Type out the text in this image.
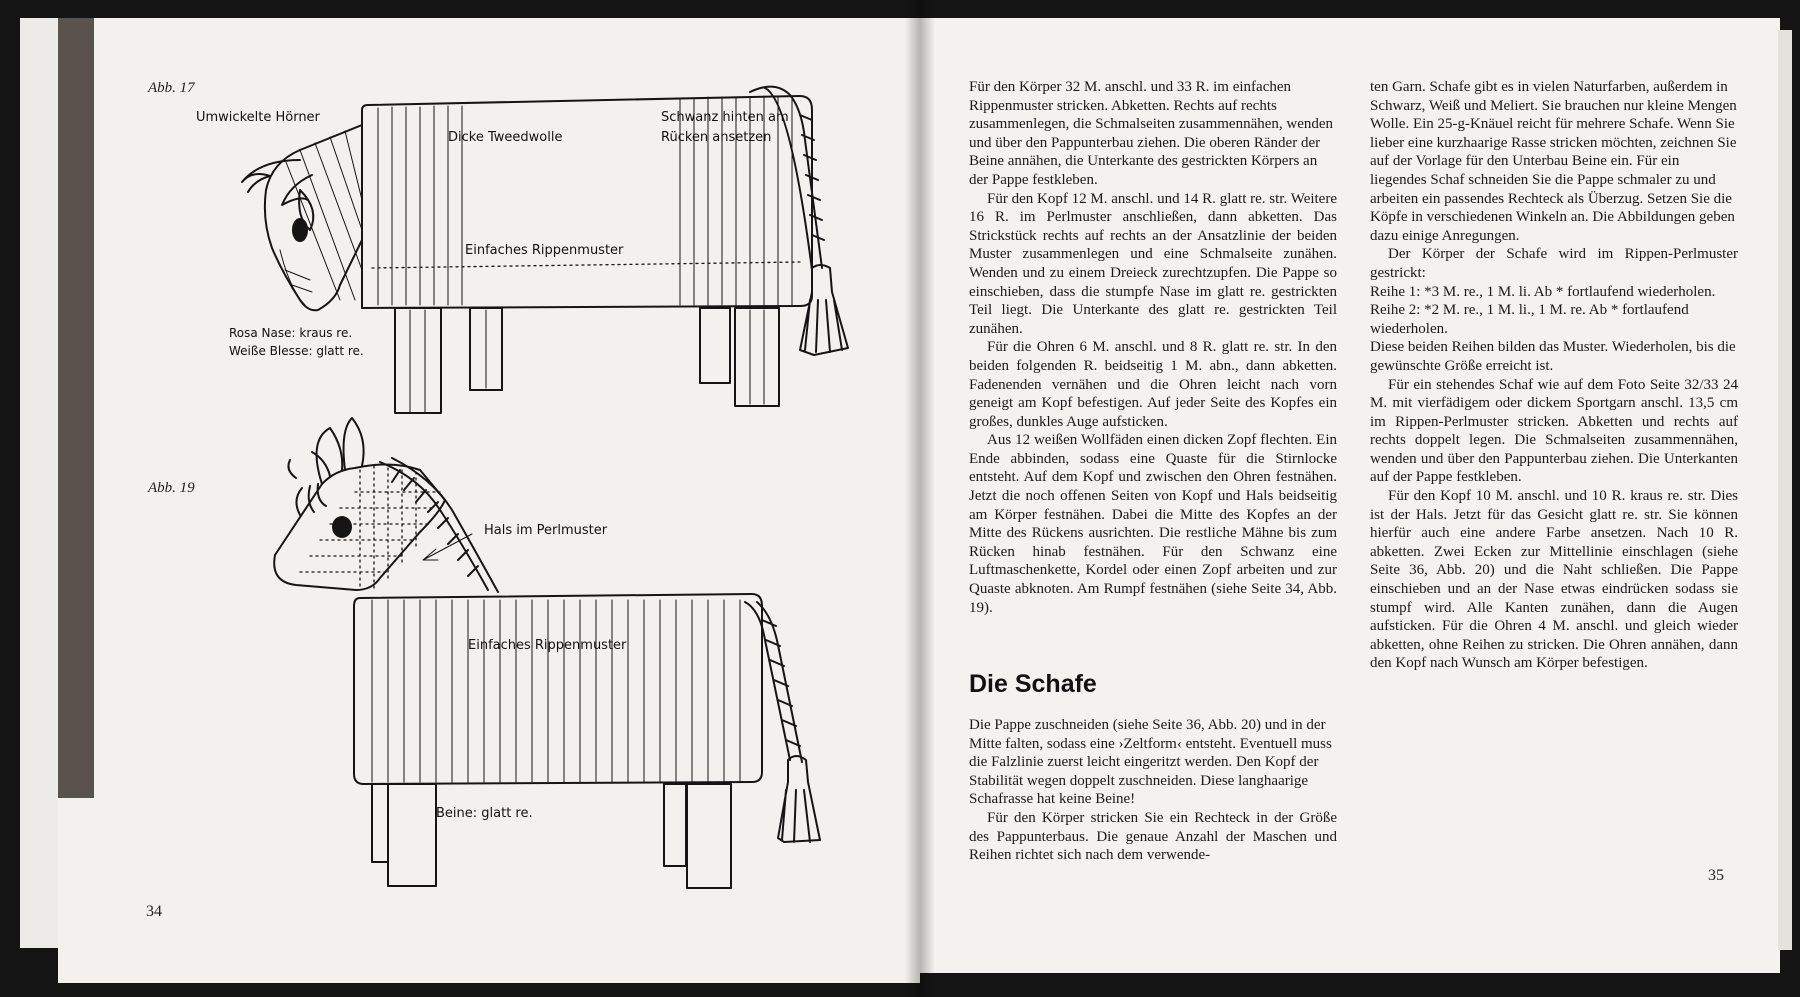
Abb. 17
Umwickelte Hörner
Dicke Tweedwolle
Schwanz hinten am
Rücken ansetzen
Einfaches Rippenmuster
Rosa Nase: kraus re.
Weiße Blesse: glatt re.
Abb. 19
Hals im Perlmuster
Einfaches Rippenmuster
Beine: glatt re.
34

Für den Körper 32 M. anschl. und 33 R. im einfachen Rippenmuster stricken. Abketten. Rechts auf rechts zusammenlegen, die Schmalseiten zusammennähen, wenden und über den Pappunterbau ziehen. Die oberen Ränder der Beine annähen, die Unterkante des gestrickten Körpers an der Pappe festkleben.

Für den Kopf 12 M. anschl. und 14 R. glatt re. str. Weitere 16 R. im Perlmuster anschließen, dann abketten. Das Strickstück rechts auf rechts an der Ansatzlinie der beiden Muster zusammenlegen und eine Schmalseite zunähen. Wenden und zu einem Dreieck zurechtzupfen. Die Pappe so einschieben, dass die stumpfe Nase im glatt re. gestrickten Teil liegt. Die Unterkante des glatt re. gestrickten Teil zunähen.

Für die Ohren 6 M. anschl. und 8 R. glatt re. str. In den beiden folgenden R. beidseitig 1 M. abn., dann abketten. Fadenenden vernähen und die Ohren leicht nach vorn geneigt am Kopf befestigen. Auf jeder Seite des Kopfes ein großes, dunkles Auge aufsticken.

Aus 12 weißen Wollfäden einen dicken Zopf flechten. Ein Ende abbinden, sodass eine Quaste für die Stirnlocke entsteht. Auf dem Kopf und zwischen den Ohren festnähen. Jetzt die noch offenen Seiten von Kopf und Hals beidseitig am Körper festnähen. Dabei die Mitte des Kopfes an der Mitte des Rückens ausrichten. Die restliche Mähne bis zum Rücken hinab festnähen. Für den Schwanz eine Luftmaschenkette, Kordel oder einen Zopf arbeiten und zur Quaste abknoten. Am Rumpf festnähen (siehe Seite 34, Abb. 19).

Die Schafe

Die Pappe zuschneiden (siehe Seite 36, Abb. 20) und in der Mitte falten, sodass eine ›Zeltform‹ entsteht. Eventuell muss die Falzlinie zuerst leicht eingeritzt werden. Den Kopf der Stabilität wegen doppelt zuschneiden. Diese langhaarige Schafrasse hat keine Beine!

Für den Körper stricken Sie ein Rechteck in der Größe des Pappunterbaus. Die genaue Anzahl der Maschen und Reihen richtet sich nach dem verwende-

ten Garn. Schafe gibt es in vielen Naturfarben, außerdem in Schwarz, Weiß und Meliert. Sie brauchen nur kleine Mengen Wolle. Ein 25-g-Knäuel reicht für mehrere Schafe. Wenn Sie lieber eine kurzhaarige Rasse stricken möchten, zeichnen Sie auf der Vorlage für den Unterbau Beine ein. Für ein liegendes Schaf schneiden Sie die Pappe schmaler zu und arbeiten ein passendes Rechteck als Überzug. Setzen Sie die Köpfe in verschiedenen Winkeln an. Die Abbildungen geben dazu einige Anregungen.

Der Körper der Schafe wird im Rippen-Perlmuster gestrickt:

Reihe 1: *3 M. re., 1 M. li. Ab * fortlaufend wiederholen.

Reihe 2: *2 M. re., 1 M. li., 1 M. re. Ab * fortlaufend wiederholen.

Diese beiden Reihen bilden das Muster. Wiederholen, bis die gewünschte Größe erreicht ist.

Für ein stehendes Schaf wie auf dem Foto Seite 32/33 24 M. mit vierfädigem oder dickem Sportgarn anschl. 13,5 cm im Rippen-Perlmuster stricken. Abketten und rechts auf rechts doppelt legen. Die Schmalseiten zusammennähen, wenden und über den Pappunterbau ziehen. Die Unterkanten auf der Pappe festkleben.

Für den Kopf 10 M. anschl. und 10 R. kraus re. str. Dies ist der Hals. Jetzt für das Gesicht glatt re. str. Sie können hierfür auch eine andere Farbe ansetzen. Nach 10 R. abketten. Zwei Ecken zur Mittellinie einschlagen (siehe Seite 36, Abb. 20) und die Naht schließen. Die Pappe einschieben und an der Nase etwas eindrücken sodass sie stumpf wird. Alle Kanten zunähen, dann die Augen aufsticken. Für die Ohren 4 M. anschl. und gleich wieder abketten, ohne Reihen zu stricken. Die Ohren annähen, dann den Kopf nach Wunsch am Körper befestigen.

35
